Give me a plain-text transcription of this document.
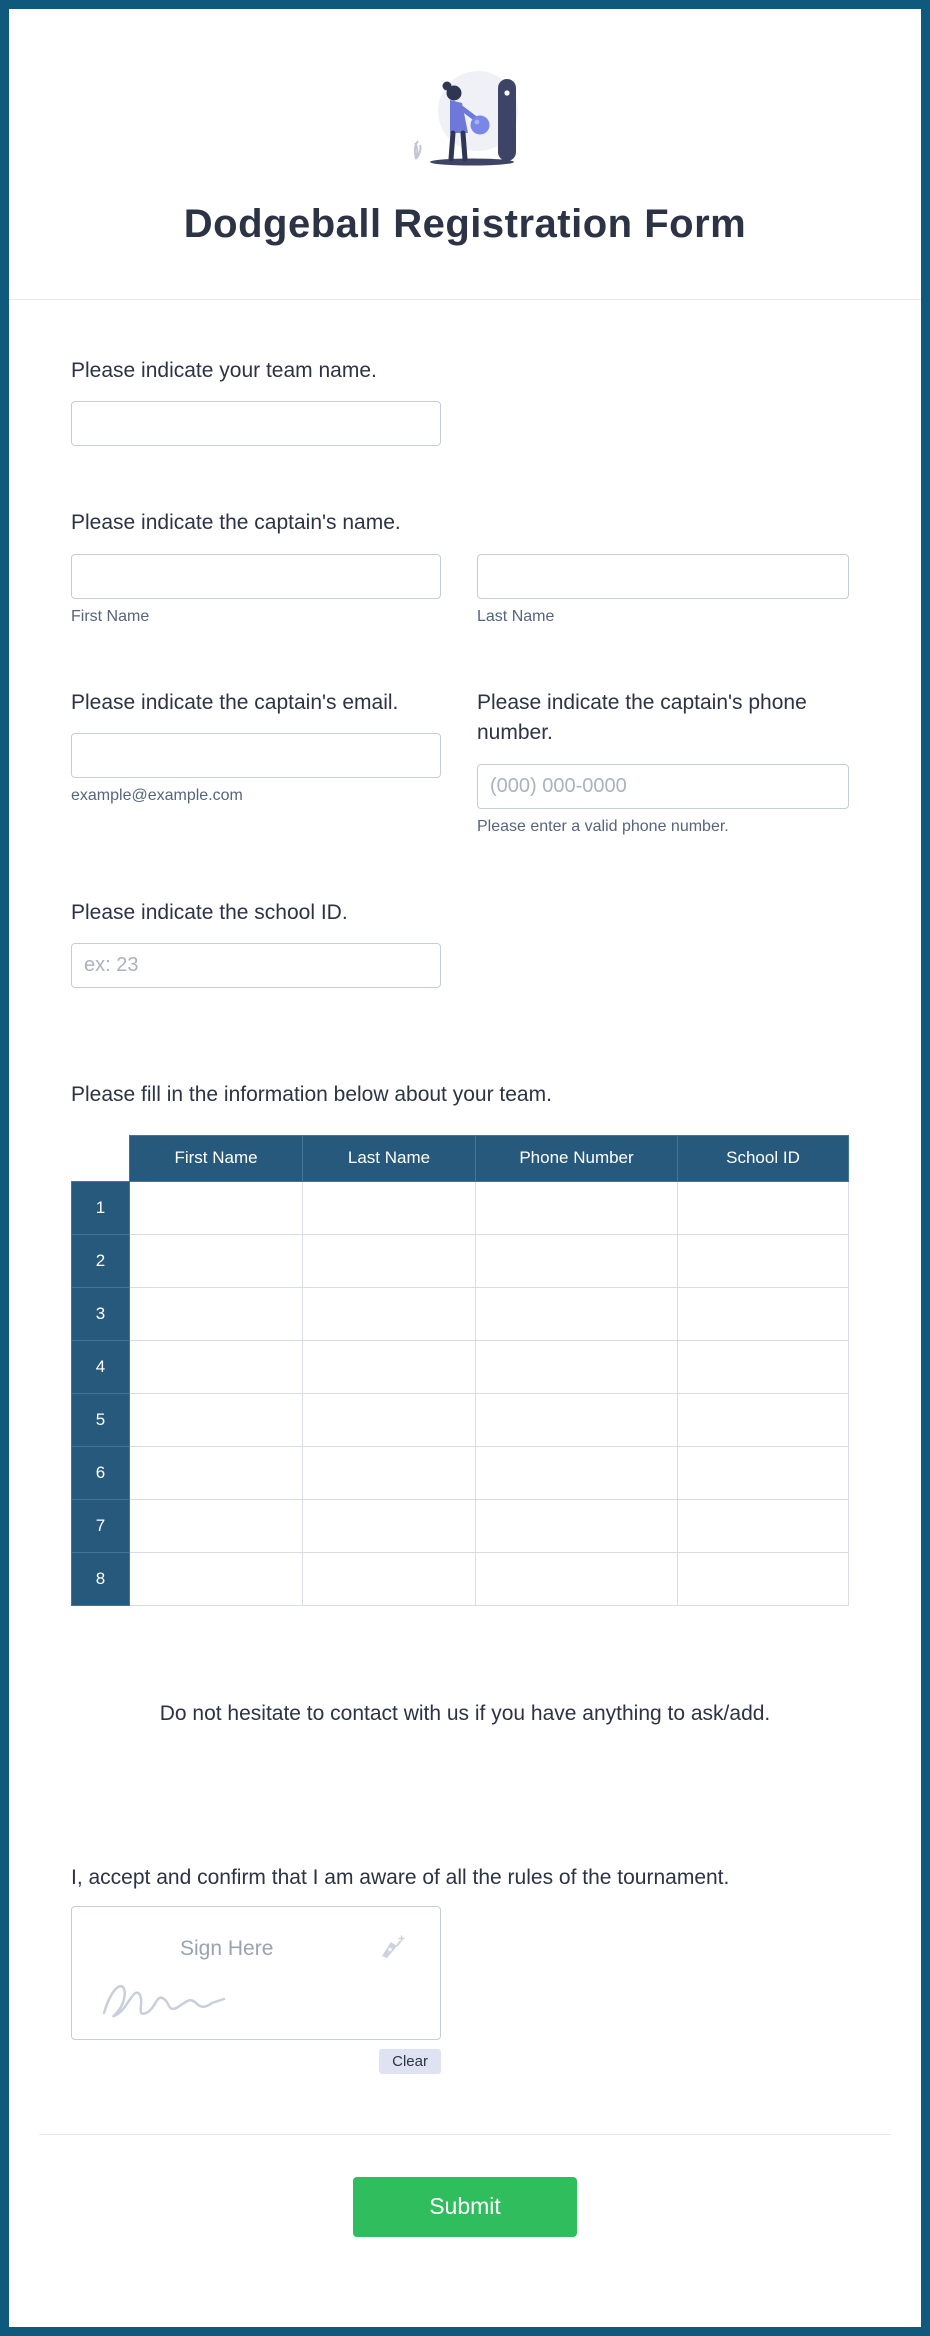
Dodgeball Registration Form
Please indicate your team name.
Please indicate the captain's name.
First Name	Last Name
Please indicate the captain's email.
example@example.com
Please indicate the captain's phone number.
(000) 000-0000
Please enter a valid phone number.
Please indicate the school ID.
ex: 23
Please fill in the information below about your team.
	First Name	Last Name	Phone Number	School ID
1	

2	

3	

4	

5	

6	

7	

8	

Do not hesitate to contact with us if you have anything to ask/add.
I, accept and confirm that I am aware of all the rules of the tournament.
Sign Here
Clear
Submit
